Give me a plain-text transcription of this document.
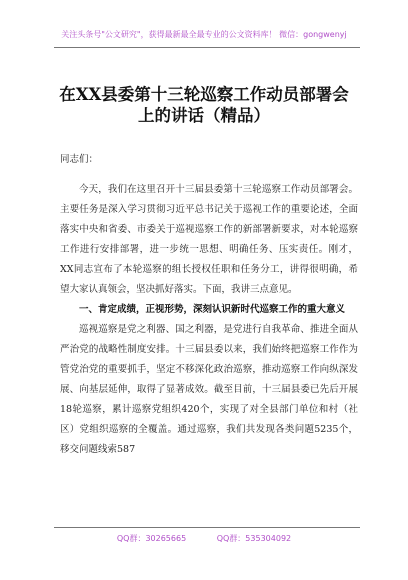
关注头条号"公文研究"，获得最新最全最专业的公文资料库！ 微信：gongwenyj
在XX县委第十三轮巡察工作动员部署会
上的讲话（精品）

同志们：

今天，我们在这里召开十三届县委第十三轮巡察工作动员部署会。主要任务是深入学习贯彻习近平总书记关于巡视工作的重要论述，全面落实中央和省委、市委关于巡视巡察工作的新部署新要求，对本轮巡察工作进行安排部署，进一步统一思想、明确任务、压实责任。刚才，XX同志宣布了本轮巡察的组长授权任职和任务分工，讲得很明确，希望大家认真领会，坚决抓好落实。下面，我讲三点意见。

一、肯定成绩，正视形势，深刻认识新时代巡察工作的重大意义

巡视巡察是党之利器、国之利器，是党进行自我革命、推进全面从严治党的战略性制度安排。十三届县委以来，我们始终把巡察工作作为管党治党的重要抓手，坚定不移深化政治巡察，推动巡察工作向纵深发展、向基层延伸，取得了显著成效。截至目前，十三届县委已先后开展18轮巡察，累计巡察党组织420个，实现了对全县部门单位和村（社区）党组织巡察的全覆盖。通过巡察，我们共发现各类问题5235个，移交问题线索587

QQ群：30265665	QQ群：535304092
